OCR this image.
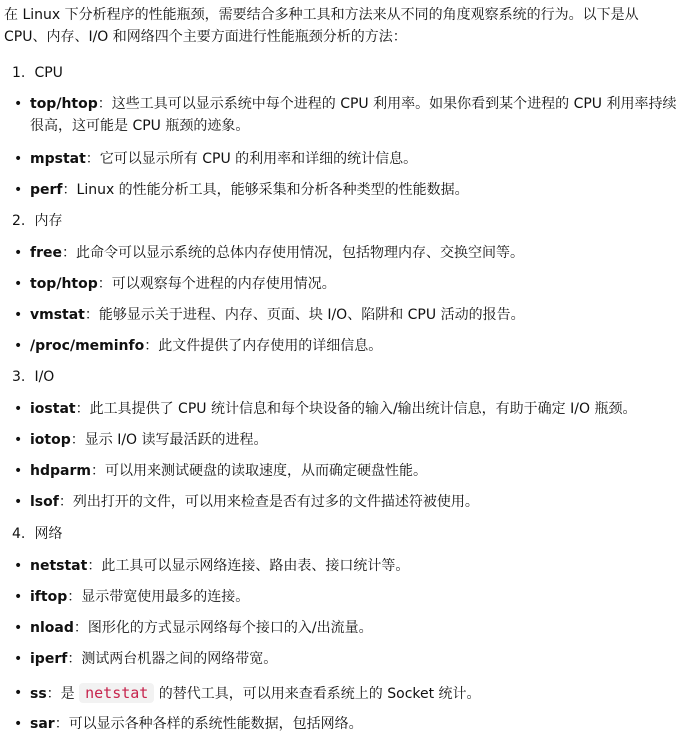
在 Linux 下分析程序的性能瓶颈，需要结合多种工具和方法来从不同的角度观察系统的行为。以下是从 CPU、内存、I/O 和网络四个主要方面进行性能瓶颈分析的方法：

1. CPU

• top/htop：这些工具可以显示系统中每个进程的 CPU 利用率。如果你看到某个进程的 CPU 利用率持续很高，这可能是 CPU 瓶颈的迹象。
• mpstat：它可以显示所有 CPU 的利用率和详细的统计信息。
• perf：Linux 的性能分析工具，能够采集和分析各种类型的性能数据。

2. 内存

• free：此命令可以显示系统的总体内存使用情况，包括物理内存、交换空间等。
• top/htop：可以观察每个进程的内存使用情况。
• vmstat：能够显示关于进程、内存、页面、块 I/O、陷阱和 CPU 活动的报告。
• /proc/meminfo：此文件提供了内存使用的详细信息。

3. I/O

• iostat：此工具提供了 CPU 统计信息和每个块设备的输入/输出统计信息，有助于确定 I/O 瓶颈。
• iotop：显示 I/O 读写最活跃的进程。
• hdparm：可以用来测试硬盘的读取速度，从而确定硬盘性能。
• lsof：列出打开的文件，可以用来检查是否有过多的文件描述符被使用。

4. 网络

• netstat：此工具可以显示网络连接、路由表、接口统计等。
• iftop：显示带宽使用最多的连接。
• nload：图形化的方式显示网络每个接口的入/出流量。
• iperf：测试两台机器之间的网络带宽。
• ss：是 netstat 的替代工具，可以用来查看系统上的 Socket 统计。
• sar：可以显示各种各样的系统性能数据，包括网络。
